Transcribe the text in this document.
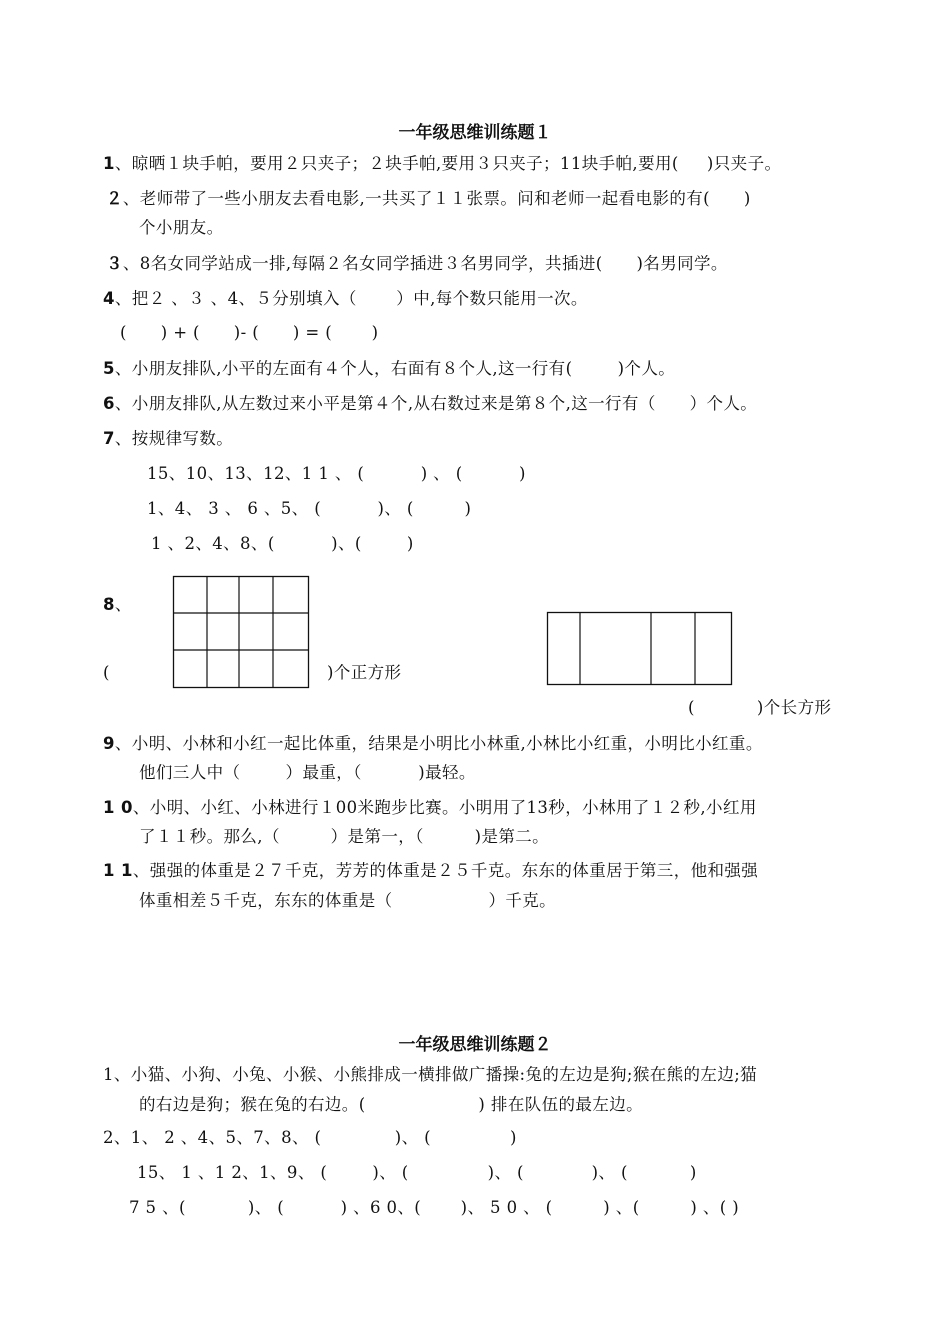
一年级思维训练题１
1、晾晒１块手帕，要用２只夹子；２块手帕,要用３只夹子；11块手帕,要用(     )只夹子。
２、老师带了一些小朋友去看电影,一共买了１１张票。问和老师一起看电影的有(      )
个小朋友。
３、8名女同学站成一排,每隔２名女同学插进３名男同学，共插进(      )名男同学。
4、把２ 、３ 、4、５分别填入（       ）中,每个数只能用一次。
(      ) + (      )- (      ) = (       )
5、小朋友排队,小平的左面有４个人，右面有８个人,这一行有(        )个人。
6、小朋友排队,从左数过来小平是第４个,从右数过来是第８个,这一行有（      ）个人。
7、按规律写数。
15、10、13、12、1 1 、 (          ) 、 (          )
1、4、 3 、 6 、5、 (          )、 (         )
1 、2、4、8、(          )、(        )
8、
(	)个正方形
(           )个长方形
9、小明、小林和小红一起比体重，结果是小明比小林重,小林比小红重，小明比小红重。
他们三人中（        ）最重，（          )最轻。
1 0、小明、小红、小林进行１00米跑步比赛。小明用了13秒，小林用了１２秒,小红用
了１１秒。那么,（         ）是第一，（         )是第二。
1 1、强强的体重是２７千克，芳芳的体重是２５千克。东东的体重居于第三，他和强强
体重相差５千克，东东的体重是（                 ）千克。
一年级思维训练题２
1、小猫、小狗、小兔、小猴、小熊排成一横排做广播操:兔的左边是狗;猴在熊的左边;猫
的右边是狗；猴在兔的右边。(                    ) 排在队伍的最左边。
2、1、 2 、4、5、7、8、 (             )、 (              )
15、 1 、1 2、1、9、 (        )、 (              )、 (            )、 (           )
7 5 、(           )、 (          ) 、6 0、(       )、 5 0 、 (         ) 、(         ) 、( )
